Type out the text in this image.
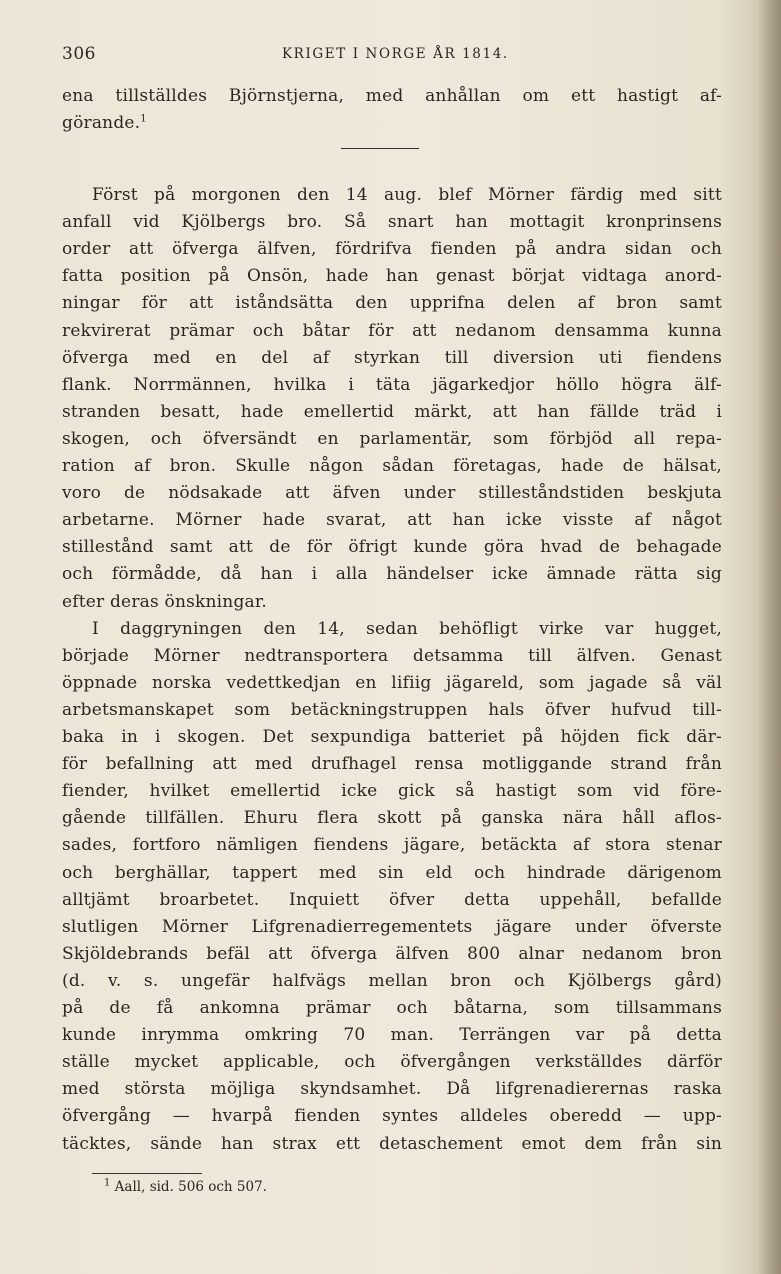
306	KRIGET I NORGE ÅR 1814.
ena tillställdes Björnstjerna, med anhållan om ett hastigt af-
görande.$^1$
Först på morgonen den 14 aug. blef Mörner färdig med sitt
anfall vid Kjölbergs bro. Så snart han mottagit kronprinsens
order att öfverga älfven, fördrifva fienden på andra sidan och
fatta position på Onsön, hade han genast börjat vidtaga anord-
ningar för att iståndsätta den upprifna delen af bron samt
rekvirerat prämar och båtar för att nedanom densamma kunna
öfverga med en del af styrkan till diversion uti fiendens
flank. Norrmännen, hvilka i täta jägarkedjor höllo högra älf-
stranden besatt, hade emellertid märkt, att han fällde träd i
skogen, och öfversändt en parlamentär, som förbjöd all repa-
ration af bron. Skulle någon sådan företagas, hade de hälsat,
voro de nödsakade att äfven under stilleståndstiden beskjuta
arbetarne. Mörner hade svarat, att han icke visste af något
stillestånd samt att de för öfrigt kunde göra hvad de behagade
och förmådde, då han i alla händelser icke ämnade rätta sig
efter deras önskningar.
I daggryningen den 14, sedan behöfligt virke var hugget,
började Mörner nedtransportera detsamma till älfven. Genast
öppnade norska vedettkedjan en lifiig jägareld, som jagade så väl
arbetsmanskapet som betäckningstruppen hals öfver hufvud till-
baka in i skogen. Det sexpundiga batteriet på höjden fick där-
för befallning att med drufhagel rensa motliggande strand från
fiender, hvilket emellertid icke gick så hastigt som vid före-
gående tillfällen. Ehuru flera skott på ganska nära håll aflos-
sades, fortforo nämligen fiendens jägare, betäckta af stora stenar
och berghällar, tappert med sin eld och hindrade därigenom
alltjämt broarbetet. Inquiett öfver detta uppehåll, befallde
slutligen Mörner Lifgrenadierregementets jägare under öfverste
Skjöldebrands befäl att öfverga älfven 800 alnar nedanom bron
(d. v. s. ungefär halfvägs mellan bron och Kjölbergs gård)
på de få ankomna prämar och båtarna, som tillsammans
kunde inrymma omkring 70 man. Terrängen var på detta
ställe mycket applicable, och öfvergången verkställdes därför
med största möjliga skyndsamhet. Då lifgrenadierernas raska
öfvergång — hvarpå fienden syntes alldeles oberedd — upp-
täcktes, sände han strax ett detaschement emot dem från sin
$^1$ Aall, sid. 506 och 507.
